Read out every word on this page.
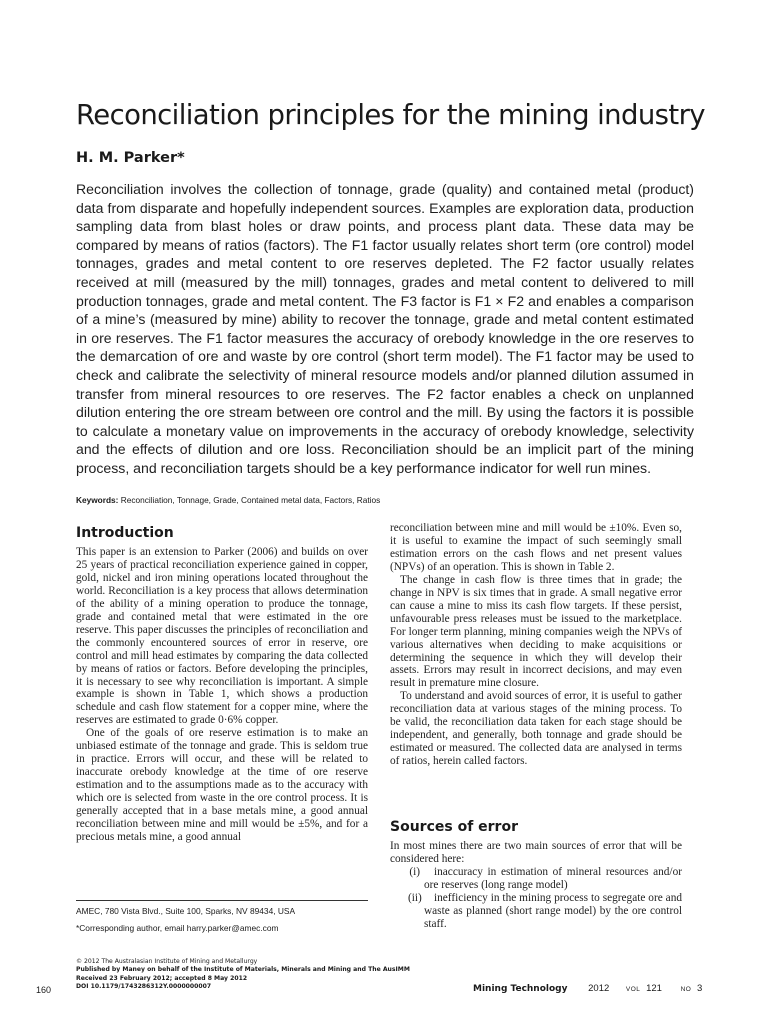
Reconciliation principles for the mining industry

H. M. Parker*

Reconciliation involves the collection of tonnage, grade (quality) and contained metal (product) data from disparate and hopefully independent sources. Examples are exploration data, production sampling data from blast holes or draw points, and process plant data. These data may be compared by means of ratios (factors). The F1 factor usually relates short term (ore control) model tonnages, grades and metal content to ore reserves depleted. The F2 factor usually relates received at mill (measured by the mill) tonnages, grades and metal content to delivered to mill production tonnages, grade and metal content. The F3 factor is F1 × F2 and enables a comparison of a mine’s (measured by mine) ability to recover the tonnage, grade and metal content estimated in ore reserves. The F1 factor measures the accuracy of orebody knowledge in the ore reserves to the demarcation of ore and waste by ore control (short term model). The F1 factor may be used to check and calibrate the selectivity of mineral resource models and/or planned dilution assumed in transfer from mineral resources to ore reserves. The F2 factor enables a check on unplanned dilution entering the ore stream between ore control and the mill. By using the factors it is possible to calculate a monetary value on improvements in the accuracy of orebody knowledge, selectivity and the effects of dilution and ore loss. Reconciliation should be an implicit part of the mining process, and reconciliation targets should be a key performance indicator for well run mines.

Keywords: Reconciliation, Tonnage, Grade, Contained metal data, Factors, Ratios

Introduction

This paper is an extension to Parker (2006) and builds on over 25 years of practical reconciliation experience gained in copper, gold, nickel and iron mining operations located throughout the world. Reconciliation is a key process that allows determination of the ability of a mining operation to produce the tonnage, grade and contained metal that were estimated in the ore reserve. This paper discusses the principles of reconciliation and the commonly encountered sources of error in reserve, ore control and mill head estimates by comparing the data collected by means of ratios or factors. Before developing the principles, it is necessary to see why reconciliation is important. A simple example is shown in Table 1, which shows a production schedule and cash flow statement for a copper mine, where the reserves are estimated to grade 0·6% copper.

One of the goals of ore reserve estimation is to make an unbiased estimate of the tonnage and grade. This is seldom true in practice. Errors will occur, and these will be related to inaccurate orebody knowledge at the time of ore reserve estimation and to the assumptions made as to the accuracy with which ore is selected from waste in the ore control process. It is generally accepted that in a base metals mine, a good annual reconciliation between mine and mill would be ±5%, and for a precious metals mine, a good annual

reconciliation between mine and mill would be ±10%. Even so, it is useful to examine the impact of such seemingly small estimation errors on the cash flows and net present values (NPVs) of an operation. This is shown in Table 2.

The change in cash flow is three times that in grade; the change in NPV is six times that in grade. A small negative error can cause a mine to miss its cash flow targets. If these persist, unfavourable press releases must be issued to the marketplace. For longer term planning, mining companies weigh the NPVs of various alternatives when deciding to make acquisitions or determining the sequence in which they will develop their assets. Errors may result in incorrect decisions, and may even result in premature mine closure.

To understand and avoid sources of error, it is useful to gather reconciliation data at various stages of the mining process. To be valid, the reconciliation data taken for each stage should be independent, and generally, both tonnage and grade should be estimated or measured. The collected data are analysed in terms of ratios, herein called factors.

Sources of error

In most mines there are two main sources of error that will be considered here:

(i) inaccuracy in estimation of mineral resources and/or ore reserves (long range model)

(ii) inefficiency in the mining process to segregate ore and waste as planned (short range model) by the ore control staff.

AMEC, 780 Vista Blvd., Suite 100, Sparks, NV 89434, USA

*Corresponding author, email harry.parker@amec.com

© 2012 The Australasian Institute of Mining and Metallurgy
Published by Maney on behalf of the Institute of Materials, Minerals and Mining and The AusIMM
Received 23 February 2012; accepted 8 May 2012
DOI 10.1179/1743286312Y.0000000007

160	Mining Technology 2012	VOL 121	NO 3
